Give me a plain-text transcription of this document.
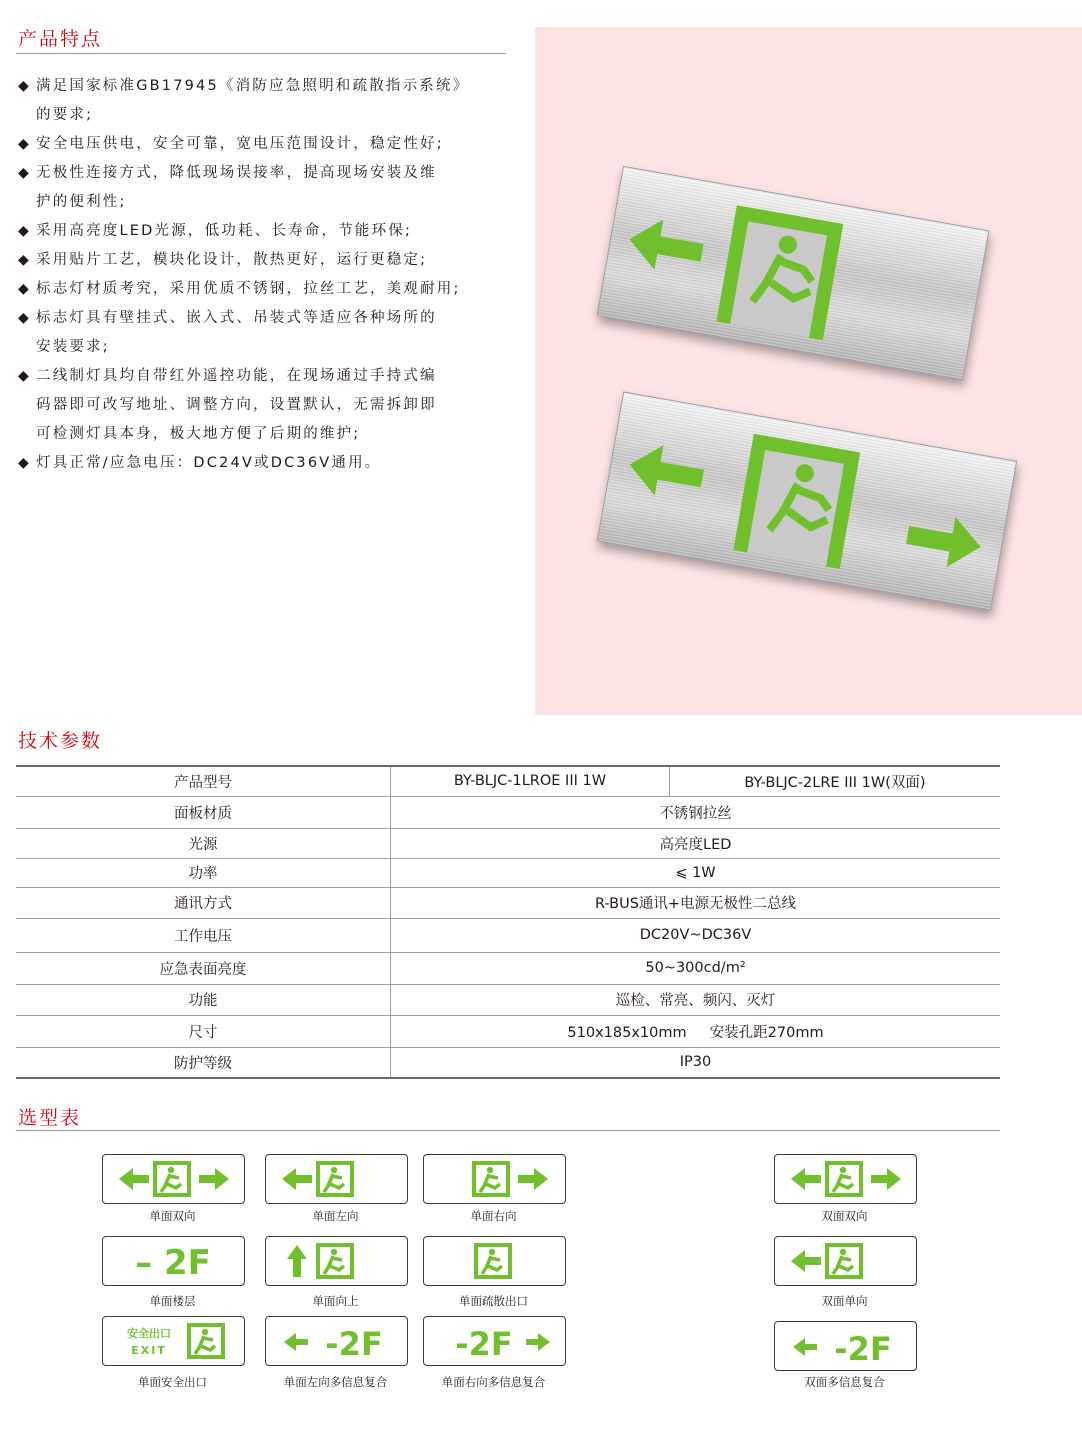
产品特点
◆ 满足国家标准GB17945《消防应急照明和疏散指示系统》
的要求;
◆ 安全电压供电，安全可靠，宽电压范围设计，稳定性好;
◆ 无极性连接方式，降低现场误接率，提高现场安装及维
护的便利性;
◆ 采用高亮度LED光源，低功耗、长寿命，节能环保;
◆ 采用贴片工艺，模块化设计，散热更好，运行更稳定;
◆ 标志灯材质考究，采用优质不锈钢，拉丝工艺，美观耐用;
◆ 标志灯具有壁挂式、嵌入式、吊装式等适应各种场所的
安装要求;
◆ 二线制灯具均自带红外遥控功能，在现场通过手持式编
码器即可改写地址、调整方向，设置默认，无需拆卸即
可检测灯具本身，极大地方便了后期的维护;
◆ 灯具正常/应急电压：DC24V或DC36V通用。
技术参数
产品型号	BY-BLJC-1LROE III 1W	BY-BLJC-2LRE III 1W(双面)
面板材质	不锈钢拉丝	
光源	高亮度LED	
功率	⩽ 1W	
通讯方式	R-BUS通讯+电源无极性二总线	
工作电压	DC20V~DC36V	
应急表面亮度	50~300cd/m²	
功能	巡检、常亮、频闪、灭灯	
尺寸	510x185x10mm     安装孔距270mm	
防护等级	IP30	
选型表
单面双向	单面左向	单面右向	双面双向
– 2F
单面楼层	单面向上	单面疏散出口	双面单向
安全出口
EXIT
单面安全出口
-2F
单面左向多信息复合
-2F
单面右向多信息复合
-2F
双面多信息复合
